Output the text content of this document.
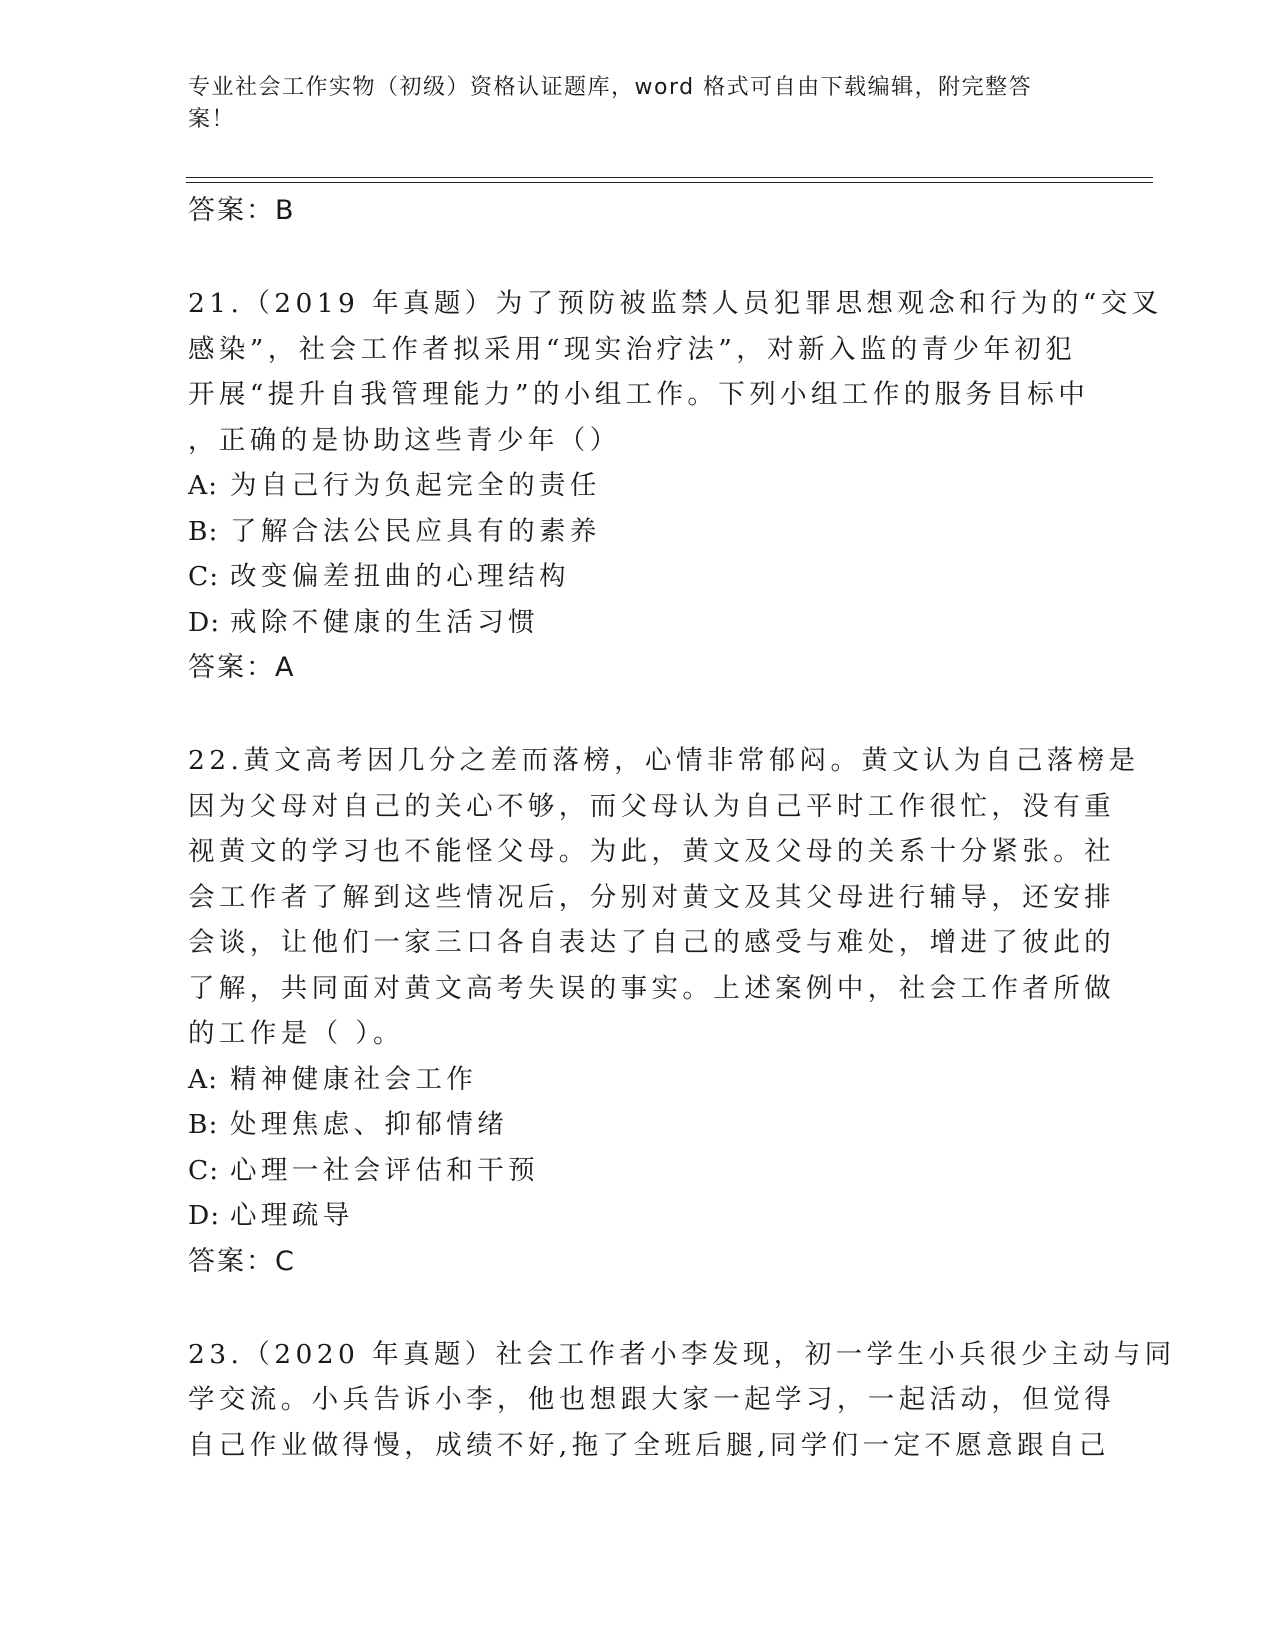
专业社会工作实物（初级）资格认证题库，word 格式可自由下载编辑，附完整答
案！
答案：B
21.（2019 年真题）为了预防被监禁人员犯罪思想观念和行为的“交叉
感染”，社会工作者拟采用“现实治疗法”，对新入监的青少年初犯
开展“提升自我管理能力”的小组工作。下列小组工作的服务目标中
，正确的是协助这些青少年（）
A: 为自己行为负起完全的责任
B: 了解合法公民应具有的素养
C: 改变偏差扭曲的心理结构
D: 戒除不健康的生活习惯
答案：A
22.黄文高考因几分之差而落榜，心情非常郁闷。黄文认为自己落榜是
因为父母对自己的关心不够，而父母认为自己平时工作很忙，没有重
视黄文的学习也不能怪父母。为此，黄文及父母的关系十分紧张。社
会工作者了解到这些情况后，分别对黄文及其父母进行辅导，还安排
会谈，让他们一家三口各自表达了自己的感受与难处，增进了彼此的
了解，共同面对黄文高考失误的事实。上述案例中，社会工作者所做
的工作是（ ）。
A: 精神健康社会工作
B: 处理焦虑、抑郁情绪
C: 心理一社会评估和干预
D: 心理疏导
答案：C
23.（2020 年真题）社会工作者小李发现，初一学生小兵很少主动与同
学交流。小兵告诉小李，他也想跟大家一起学习，一起活动，但觉得
自己作业做得慢，成绩不好,拖了全班后腿,同学们一定不愿意跟自己
